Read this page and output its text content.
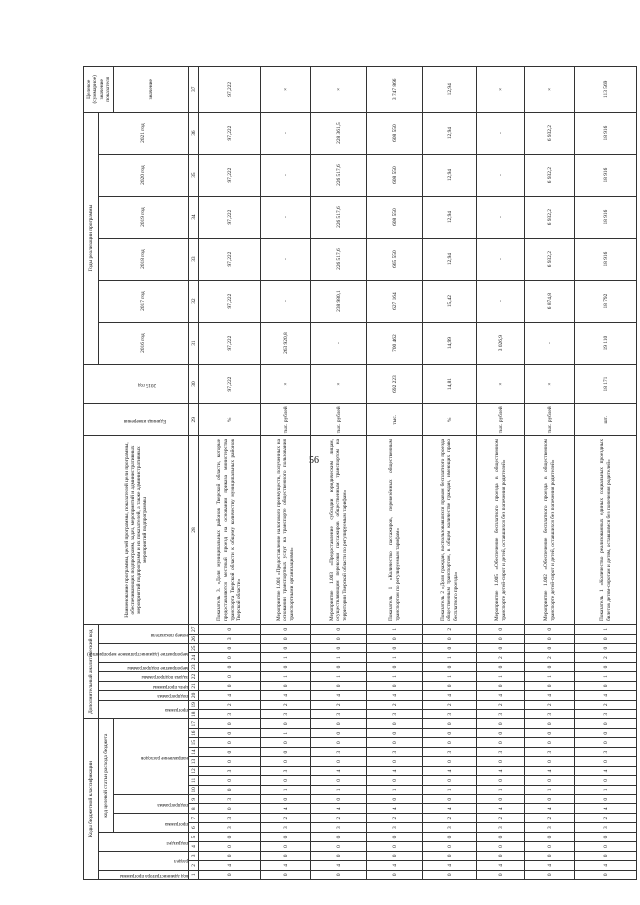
56
Коды бюджетной классификации																	Дополнительный аналитический код										Наименование программы, целей программы, показателей цели программы, обеспечивающих подпрограмм, задач, мероприятий и административных мероприятий подпрограмм и их показателей, а также административных мероприятий подпрограммы	Единица измерения	2015 год	Годы реализации программы						Целевое (суммарное) значение показателя

код администратора программы	раздел		подраздел		код целевой статьи расхода бюджета												программа		подпрограмма	цель программы	задача подпрограммы	мероприятие подпрограммы	мероприятие (административное мероприятие)		номер показателя					2016 год	2017 год	2018 год	2019 год	2020 год	2021 год	

					программа		подпрограмма		направление расходов																											значение
1	2	3	4	5	6	7	8	9	10	11	12	13	14	15	16	17	18	19	20	21	22	23	24	25	26	27	28	29	30	31	32	33	34	35	36	37
0	4	0	0	0	3	3	0	3	0	0	3	0	0	0	0	0	3	2	4	0	0	0	0	0	3	0	Показатель 3. «Доля муниципальных районов Тверской области, которые предоставляются местный проезд на основании приказа министерства транспорта Тверской области к общему количеству муниципальных районов Тверской области»	%	97,222	97,222	97,222	97,222	97,222	97,222	97,222	97,222
0	4	0	0	0	3	2	4	0	1	0	3	0	0	0	1	0	3	2	4	0	1	0	1	0	0	0	Мероприятие 1.001 «Предоставление налогового преимуществ, полученных на основании транспортных услуг на транспорте общественного пользования транспортными организациями»	тыс. рублей	×	263 920,8	-	-	-	-	-	×
0	4	0	0	0	3	2	4	0	1	0	4	0	3	0	0	0	3	2	4	0	1	0	1	0	0	0	Мероприятие 1.003 «Предоставление субсидии юридическим лицам, осуществляющим перевозки пассажиров общественным транспортом на территории Тверской области по регулируемым тарифам»	тыс. рублей	×	-	238 980,1	226 517,6	226 517,6	226 517,6	228 361,5	×
0	4	0	0	0	3	2	4	0	1	0	4	0	3	0	0	0	3	2	4	0	1	0	1	0	0	1	Показатель 1 «Количество пассажиров, перевезённых общественным транспортом по регулируемым тарифам»	тыс.	692 223	700 462	627 164	665 550	608 550	608 550	608 550	3 747 866
0	4	0	0	0	3	2	4	0	1	0	4	0	3	0	0	0	3	2	4	0	1	0	1	0	0	2	Показатель 2 «Доля граждан, воспользовавшихся правом бесплатного проезда общественным транспортом, в общем количестве граждан, имеющих право бесплатного проезда»	%	14,81	14,99	15,42	12,94	12,94	12,94	12,94	12,94
0	4	0	0	0	3	2	4	0	1	0	4	0	3	0	0	0	3	2	4	0	1	0	2	0	0	0	Мероприятие 1.005 «Обеспечение бесплатного проезда в общественном транспорте детей-сирот и детей, оставшихся без попечения родителей»	тыс. рублей	×	3 026,9	-	-	-	-	-	×
0	4	0	0	0	3	2	4	0	1	0	4	0	3	0	0	0	3	2	4	0	1	0	2	0	0	0	Мероприятие 1.002 «Обеспечение бесплатного проезда в общественном транспорте детей-сирот и детей, оставшихся без попечения родителей»	тыс. рублей	×	-	6 874,8	6 932,2	6 932,2	6 932,2	6 932,2	×
0	4	0	0	0	3	2	4	0	1	0	4	0	3	0	0	0	3	2	4	0	1	0	2	0	0	1	Показатель 1 «Количество реализованных единых социальных проездных билетов детям-сиротам и детям, оставшимся без попечения родителей»	шт.	18 171	19 110	18 792	18 916	18 916	18 916	18 916	113 569
